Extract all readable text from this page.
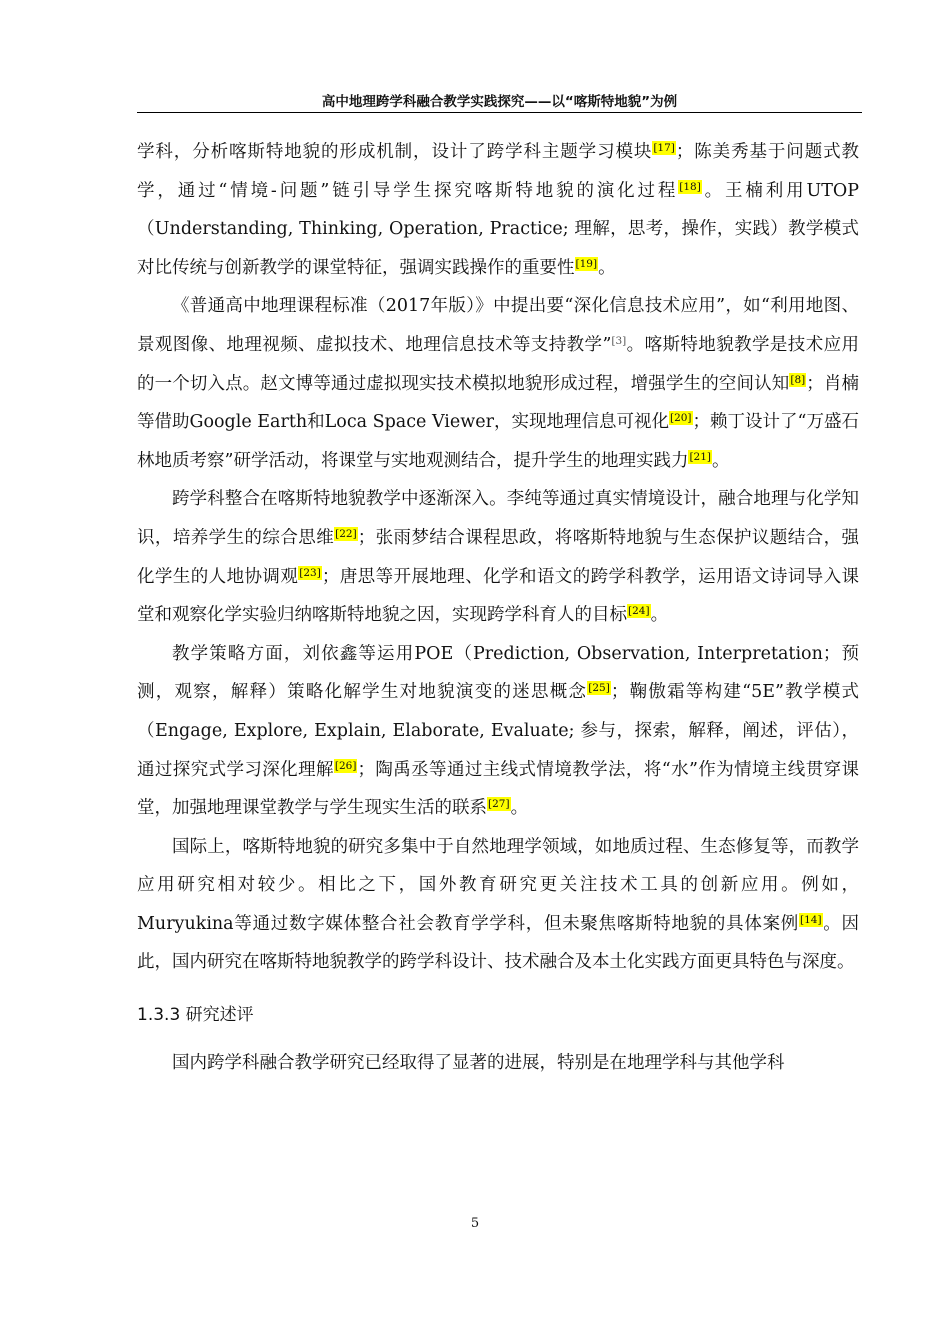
高中地理跨学科融合教学实践探究——以“喀斯特地貌”为例

学科，分析喀斯特地貌的形成机制，设计了跨学科主题学习模块[17]；陈美秀基于问题式教学，通过“情境-问题”链引导学生探究喀斯特地貌的演化过程[18]。王楠利用UTOP（Understanding, Thinking, Operation, Practice; 理解，思考，操作，实践）教学模式对比传统与创新教学的课堂特征，强调实践操作的重要性[19]。

《普通高中地理课程标准（2017年版）》中提出要“深化信息技术应用”，如“利用地图、景观图像、地理视频、虚拟技术、地理信息技术等支持教学”[3]。喀斯特地貌教学是技术应用的一个切入点。赵文博等通过虚拟现实技术模拟地貌形成过程，增强学生的空间认知[8]；肖楠等借助Google Earth和Loca Space Viewer，实现地理信息可视化[20]；赖丁设计了“万盛石林地质考察”研学活动，将课堂与实地观测结合，提升学生的地理实践力[21]。

跨学科整合在喀斯特地貌教学中逐渐深入。李纯等通过真实情境设计，融合地理与化学知识，培养学生的综合思维[22]；张雨梦结合课程思政，将喀斯特地貌与生态保护议题结合，强化学生的人地协调观[23]；唐思等开展地理、化学和语文的跨学科教学，运用语文诗词导入课堂和观察化学实验归纳喀斯特地貌之因，实现跨学科育人的目标[24]。

教学策略方面，刘依鑫等运用POE（Prediction, Observation, Interpretation；预测，观察，解释）策略化解学生对地貌演变的迷思概念[25]；鞠傲霜等构建“5E”教学模式（Engage, Explore, Explain, Elaborate, Evaluate; 参与，探索，解释，阐述，评估），通过探究式学习深化理解[26]；陶禹丞等通过主线式情境教学法，将“水”作为情境主线贯穿课堂，加强地理课堂教学与学生现实生活的联系[27]。

国际上，喀斯特地貌的研究多集中于自然地理学领域，如地质过程、生态修复等，而教学应用研究相对较少。相比之下，国外教育研究更关注技术工具的创新应用。例如，Muryukina等通过数字媒体整合社会教育学学科，但未聚焦喀斯特地貌的具体案例[14]。因此，国内研究在喀斯特地貌教学的跨学科设计、技术融合及本土化实践方面更具特色与深度。

1.3.3 研究述评

国内跨学科融合教学研究已经取得了显著的进展，特别是在地理学科与其他学科

5
